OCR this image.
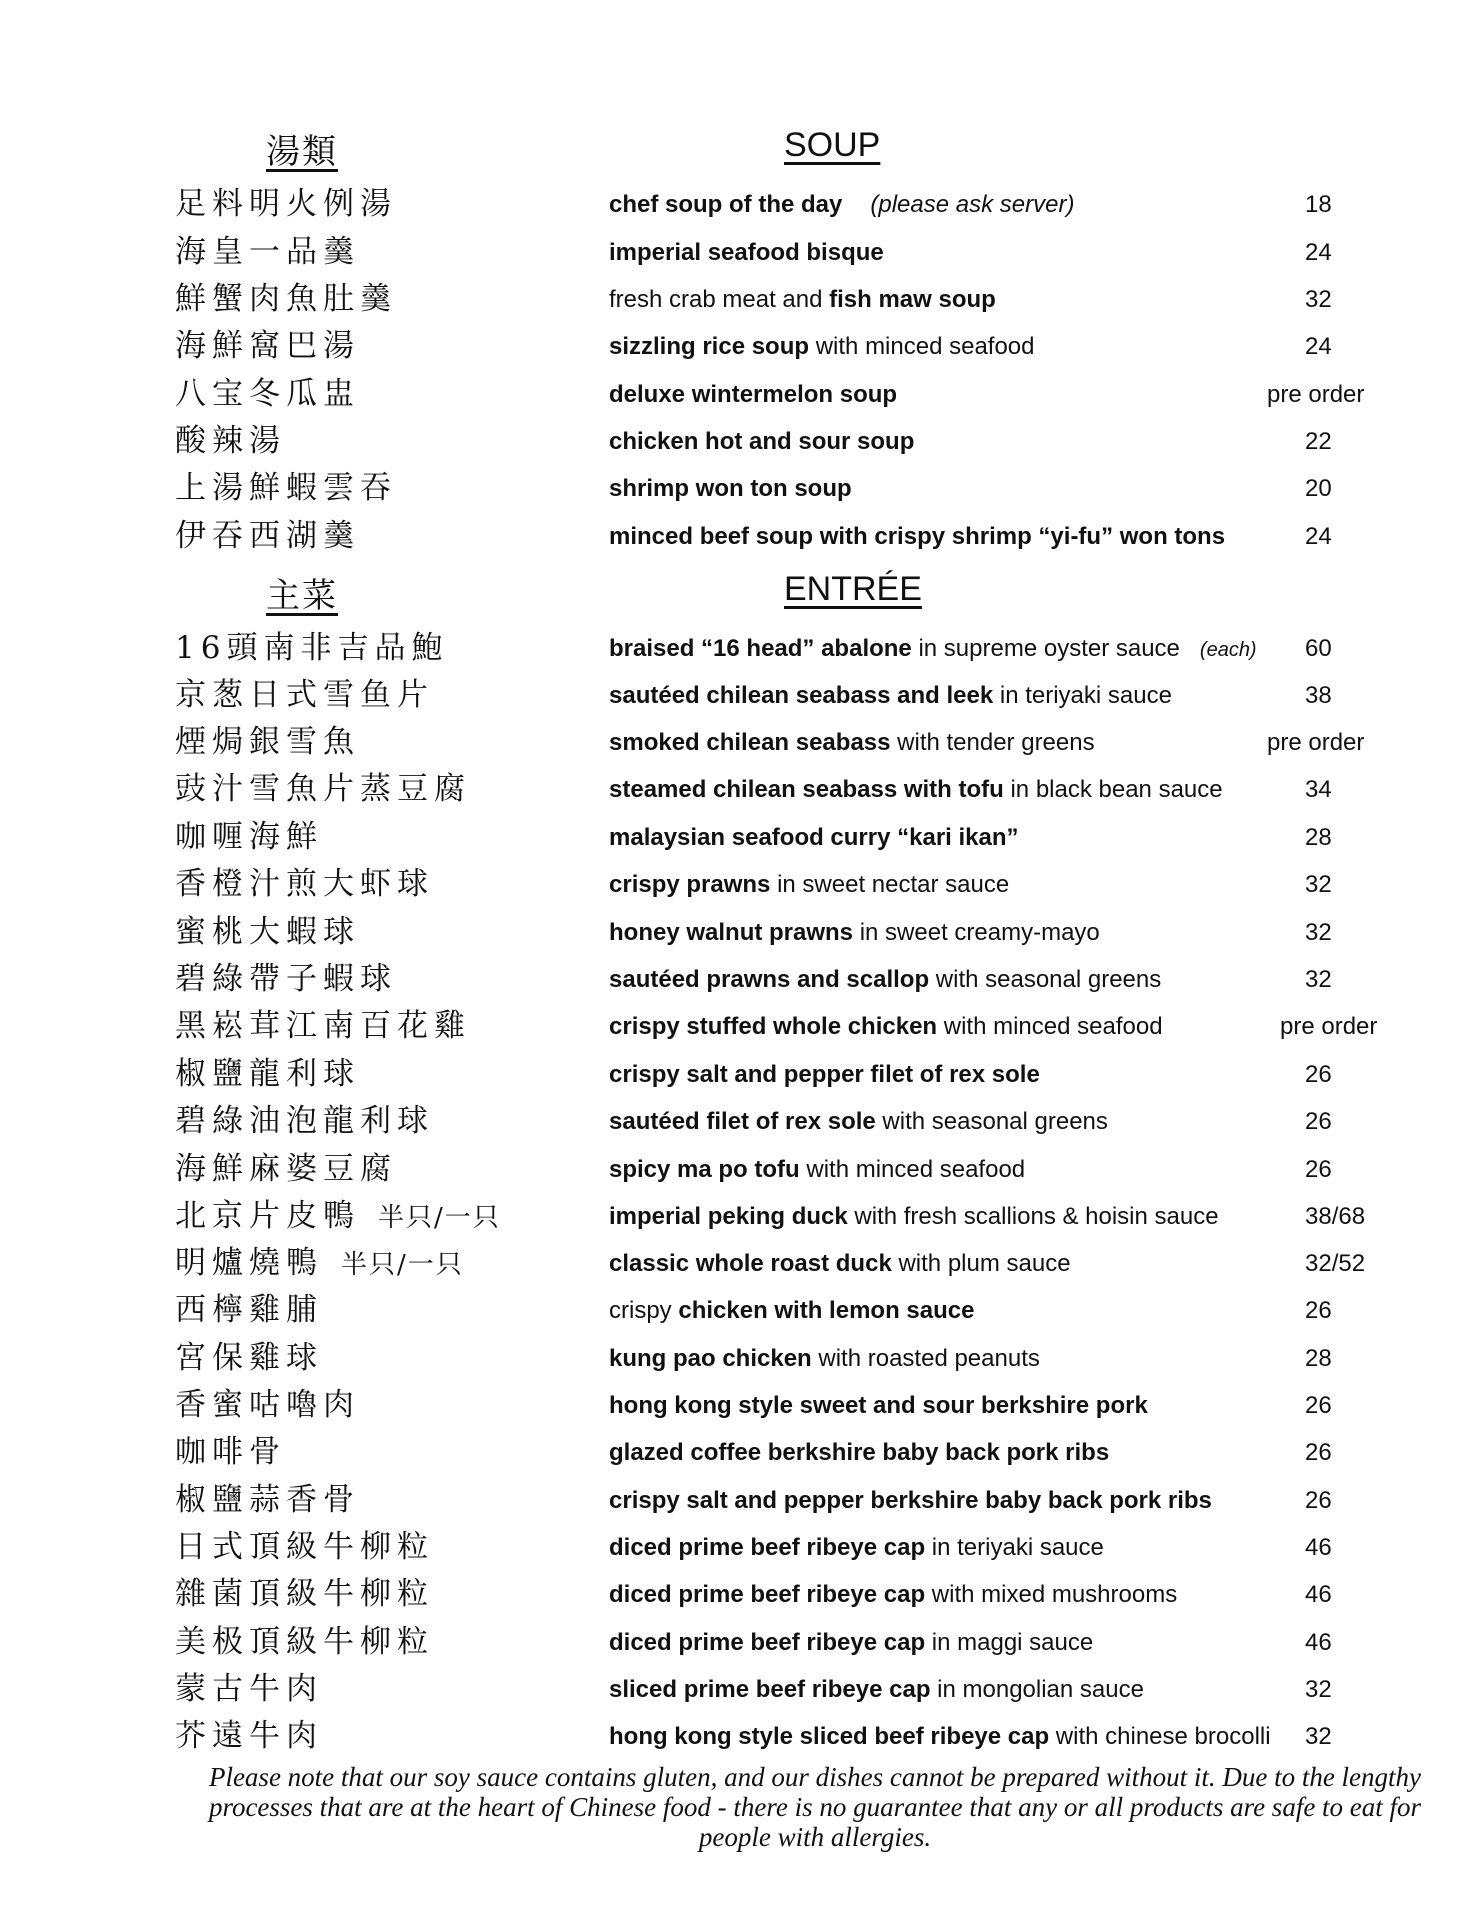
湯類	SOUP
足料明火例湯	chef soup of the day (please ask server)	18
海皇一品羹	imperial seafood bisque	24
鮮蟹肉魚肚羹	fresh crab meat and fish maw soup	32
海鮮窩巴湯	sizzling rice soup with minced seafood	24
八宝冬瓜盅	deluxe wintermelon soup	pre order
酸辣湯	chicken hot and sour soup	22
上湯鮮蝦雲吞	shrimp won ton soup	20
伊吞西湖羹	minced beef soup with crispy shrimp “yi-fu” won tons	24
主菜	ENTRÉE
16頭南非吉品鮑	braised “16 head” abalone in supreme oyster sauce (each) 60
京葱日式雪鱼片	sautéed chilean seabass and leek in teriyaki sauce	38
煙焗銀雪魚	smoked chilean seabass with tender greens	pre order
豉汁雪魚片蒸豆腐	steamed chilean seabass with tofu in black bean sauce	34
咖喱海鮮	malaysian seafood curry “kari ikan”	28
香橙汁煎大虾球	crispy prawns in sweet nectar sauce	32
蜜桃大蝦球	honey walnut prawns in sweet creamy-mayo	32
碧綠帶子蝦球	sautéed prawns and scallop with seasonal greens	32
黑崧茸江南百花雞	crispy stuffed whole chicken with minced seafood	pre order
椒鹽龍利球	crispy salt and pepper filet of rex sole	26
碧綠油泡龍利球	sautéed filet of rex sole with seasonal greens	26
海鮮麻婆豆腐	spicy ma po tofu with minced seafood	26
北京片皮鴨 半只/一只	imperial peking duck with fresh scallions & hoisin sauce	38/68
明爐燒鴨 半只/一只	classic whole roast duck with plum sauce	32/52
西檸雞脯	crispy chicken with lemon sauce	26
宮保雞球	kung pao chicken with roasted peanuts	28
香蜜咕嚕肉	hong kong style sweet and sour berkshire pork	26
咖啡骨	glazed coffee berkshire baby back pork ribs	26
椒鹽蒜香骨	crispy salt and pepper berkshire baby back pork ribs	26
日式頂級牛柳粒	diced prime beef ribeye cap in teriyaki sauce	46
雜菌頂級牛柳粒	diced prime beef ribeye cap with mixed mushrooms	46
美极頂級牛柳粒	diced prime beef ribeye cap in maggi sauce	46
蒙古牛肉	sliced prime beef ribeye cap in mongolian sauce	32
芥遠牛肉	hong kong style sliced beef ribeye cap with chinese brocolli 32
Please note that our soy sauce contains gluten, and our dishes cannot be prepared without it. Due to the lengthy processes that are at the heart of Chinese food - there is no guarantee that any or all products are safe to eat for people with allergies.
